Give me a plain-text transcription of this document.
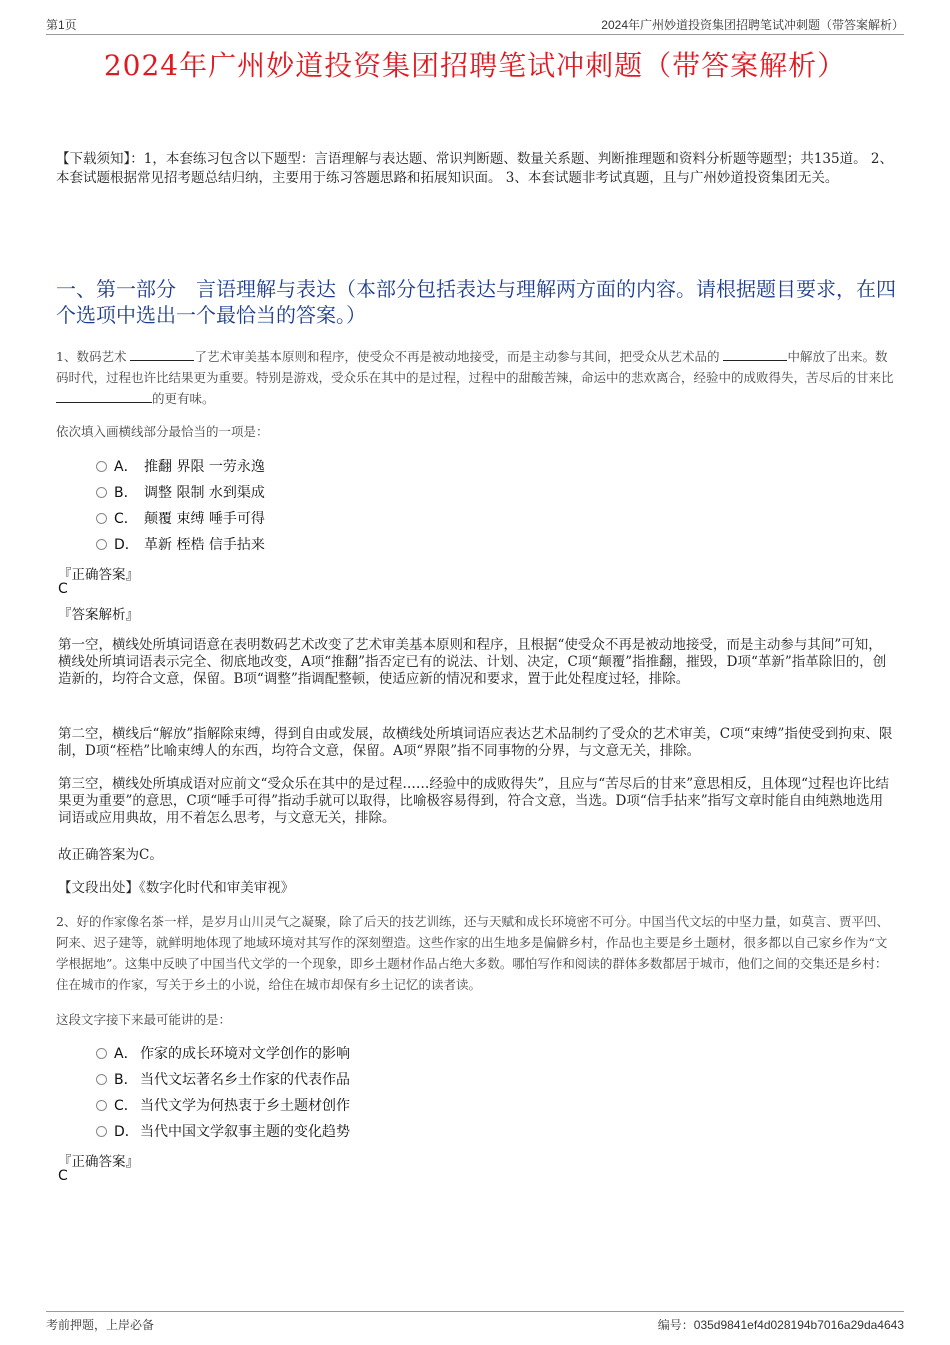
第1页	2024年广州妙道投资集团招聘笔试冲刺题（带答案解析）
2024年广州妙道投资集团招聘笔试冲刺题（带答案解析）
【下载须知】：1，本套练习包含以下题型：言语理解与表达题、常识判断题、数量关系题、判断推理题和资料分析题等题型；共135道。 2、本套试题根据常见招考题总结归纳，主要用于练习答题思路和拓展知识面。 3、本套试题非考试真题，且与广州妙道投资集团无关。
一、第一部分　言语理解与表达（本部分包括表达与理解两方面的内容。请根据题目要求，在四个选项中选出一个最恰当的答案。）
1、数码艺术	了艺术审美基本原则和程序，使受众不再是被动地接受，而是主动参与其间，把受众从艺术品的	中解放了出来。数码时代，过程也许比结果更为重要。特别是游戏，受众乐在其中的是过程，过程中的甜酸苦辣，命运中的悲欢离合，经验中的成败得失，苦尽后的甘来比 的更有味。
依次填入画横线部分最恰当的一项是：
A． 推翻 界限 一劳永逸
B． 调整 限制 水到渠成
C． 颠覆 束缚 唾手可得
D． 革新 桎梏 信手拈来
『正确答案』
C
『答案解析』
第一空，横线处所填词语意在表明数码艺术改变了艺术审美基本原则和程序，且根据“使受众不再是被动地接受，而是主动参与其间”可知，横线处所填词语表示完全、彻底地改变，A项“推翻”指否定已有的说法、计划、决定，C项“颠覆”指推翻，摧毁，D项“革新”指革除旧的，创造新的，均符合文意，保留。B项“调整”指调配整顿，使适应新的情况和要求，置于此处程度过轻，排除。
第二空，横线后“解放”指解除束缚，得到自由或发展，故横线处所填词语应表达艺术品制约了受众的艺术审美，C项“束缚”指使受到拘束、限制，D项“桎梏”比喻束缚人的东西，均符合文意，保留。A项“界限”指不同事物的分界，与文意无关，排除。
第三空，横线处所填成语对应前文“受众乐在其中的是过程……经验中的成败得失”，且应与“苦尽后的甘来”意思相反，且体现“过程也许比结果更为重要”的意思，C项“唾手可得”指动手就可以取得，比喻极容易得到，符合文意，当选。D项“信手拈来”指写文章时能自由纯熟地选用词语或应用典故，用不着怎么思考，与文意无关，排除。
故正确答案为C。
【文段出处】《数字化时代和审美审视》
2、好的作家像名茶一样，是岁月山川灵气之凝聚，除了后天的技艺训练，还与天赋和成长环境密不可分。中国当代文坛的中坚力量，如莫言、贾平凹、阿来、迟子建等，就鲜明地体现了地域环境对其写作的深刻塑造。这些作家的出生地多是偏僻乡村，作品也主要是乡土题材，很多都以自己家乡作为“文学根据地”。这集中反映了中国当代文学的一个现象，即乡土题材作品占绝大多数。哪怕写作和阅读的群体多数都居于城市，他们之间的交集还是乡村：住在城市的作家，写关于乡土的小说，给住在城市却保有乡土记忆的读者读。
这段文字接下来最可能讲的是：
A． 作家的成长环境对文学创作的影响
B． 当代文坛著名乡土作家的代表作品
C． 当代文学为何热衷于乡土题材创作
D． 当代中国文学叙事主题的变化趋势
『正确答案』
C
考前押题，上岸必备	编号：035d9841ef4d028194b7016a29da4643
